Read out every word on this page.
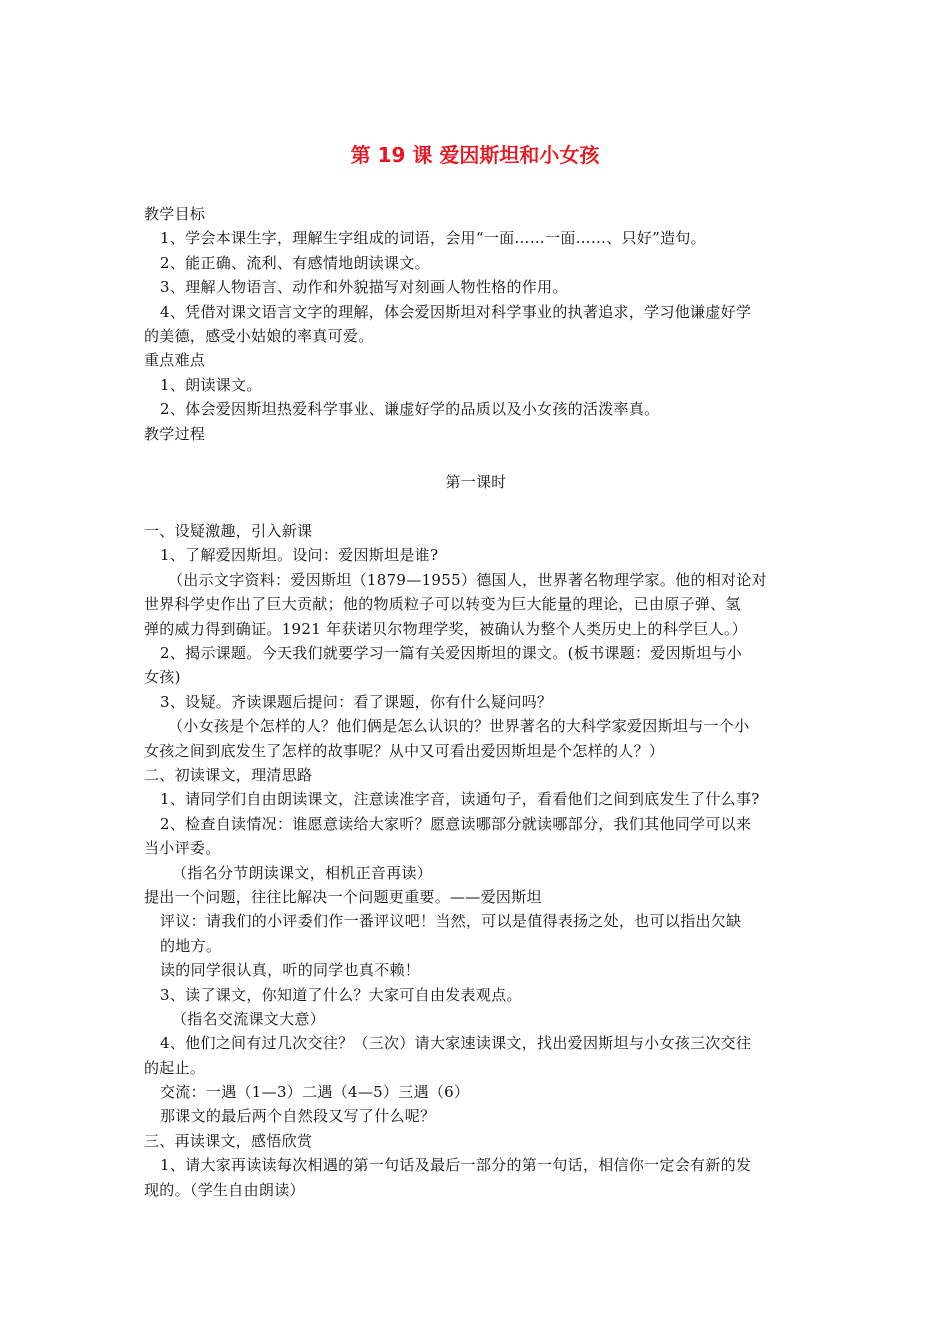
第 19 课 爱因斯坦和小女孩
教学目标
1、学会本课生字，理解生字组成的词语，会用“一面……一面……、只好”造句。
2、能正确、流利、有感情地朗读课文。
3、理解人物语言、动作和外貌描写对刻画人物性格的作用。
4、凭借对课文语言文字的理解，体会爱因斯坦对科学事业的执著追求，学习他谦虚好学
的美德，感受小姑娘的率真可爱。
重点难点
1、朗读课文。
2、体会爱因斯坦热爱科学事业、谦虚好学的品质以及小女孩的活泼率真。
教学过程
第一课时
一、设疑激趣，引入新课
1、了解爱因斯坦。设问：爱因斯坦是谁?
（出示文字资料：爱因斯坦（1879—1955）德国人，世界著名物理学家。他的相对论对
世界科学史作出了巨大贡献；他的物质粒子可以转变为巨大能量的理论，已由原子弹、氢
弹的威力得到确证。1921 年获诺贝尔物理学奖，被确认为整个人类历史上的科学巨人。）
2、揭示课题。今天我们就要学习一篇有关爱因斯坦的课文。(板书课题：爱因斯坦与小
女孩)
3、设疑。齐读课题后提问：看了课题，你有什么疑问吗？
（小女孩是个怎样的人？他们俩是怎么认识的？世界著名的大科学家爱因斯坦与一个小
女孩之间到底发生了怎样的故事呢？从中又可看出爱因斯坦是个怎样的人？）
二、初读课文，理清思路
1、请同学们自由朗读课文，注意读准字音，读通句子，看看他们之间到底发生了什么事?
2、检查自读情况：谁愿意读给大家听？愿意读哪部分就读哪部分，我们其他同学可以来
当小评委。
（指名分节朗读课文，相机正音再读）
提出一个问题，往往比解决一个问题更重要。——爱因斯坦
评议：请我们的小评委们作一番评议吧！当然，可以是值得表扬之处，也可以指出欠缺
的地方。
读的同学很认真，听的同学也真不赖！
3、读了课文，你知道了什么？大家可自由发表观点。
（指名交流课文大意）
4、他们之间有过几次交往？（三次）请大家速读课文，找出爱因斯坦与小女孩三次交往
的起止。
交流：一遇（1—3）二遇（4—5）三遇（6）
那课文的最后两个自然段又写了什么呢？
三、再读课文，感悟欣赏
1、请大家再读读每次相遇的第一句话及最后一部分的第一句话，相信你一定会有新的发
现的。（学生自由朗读）
